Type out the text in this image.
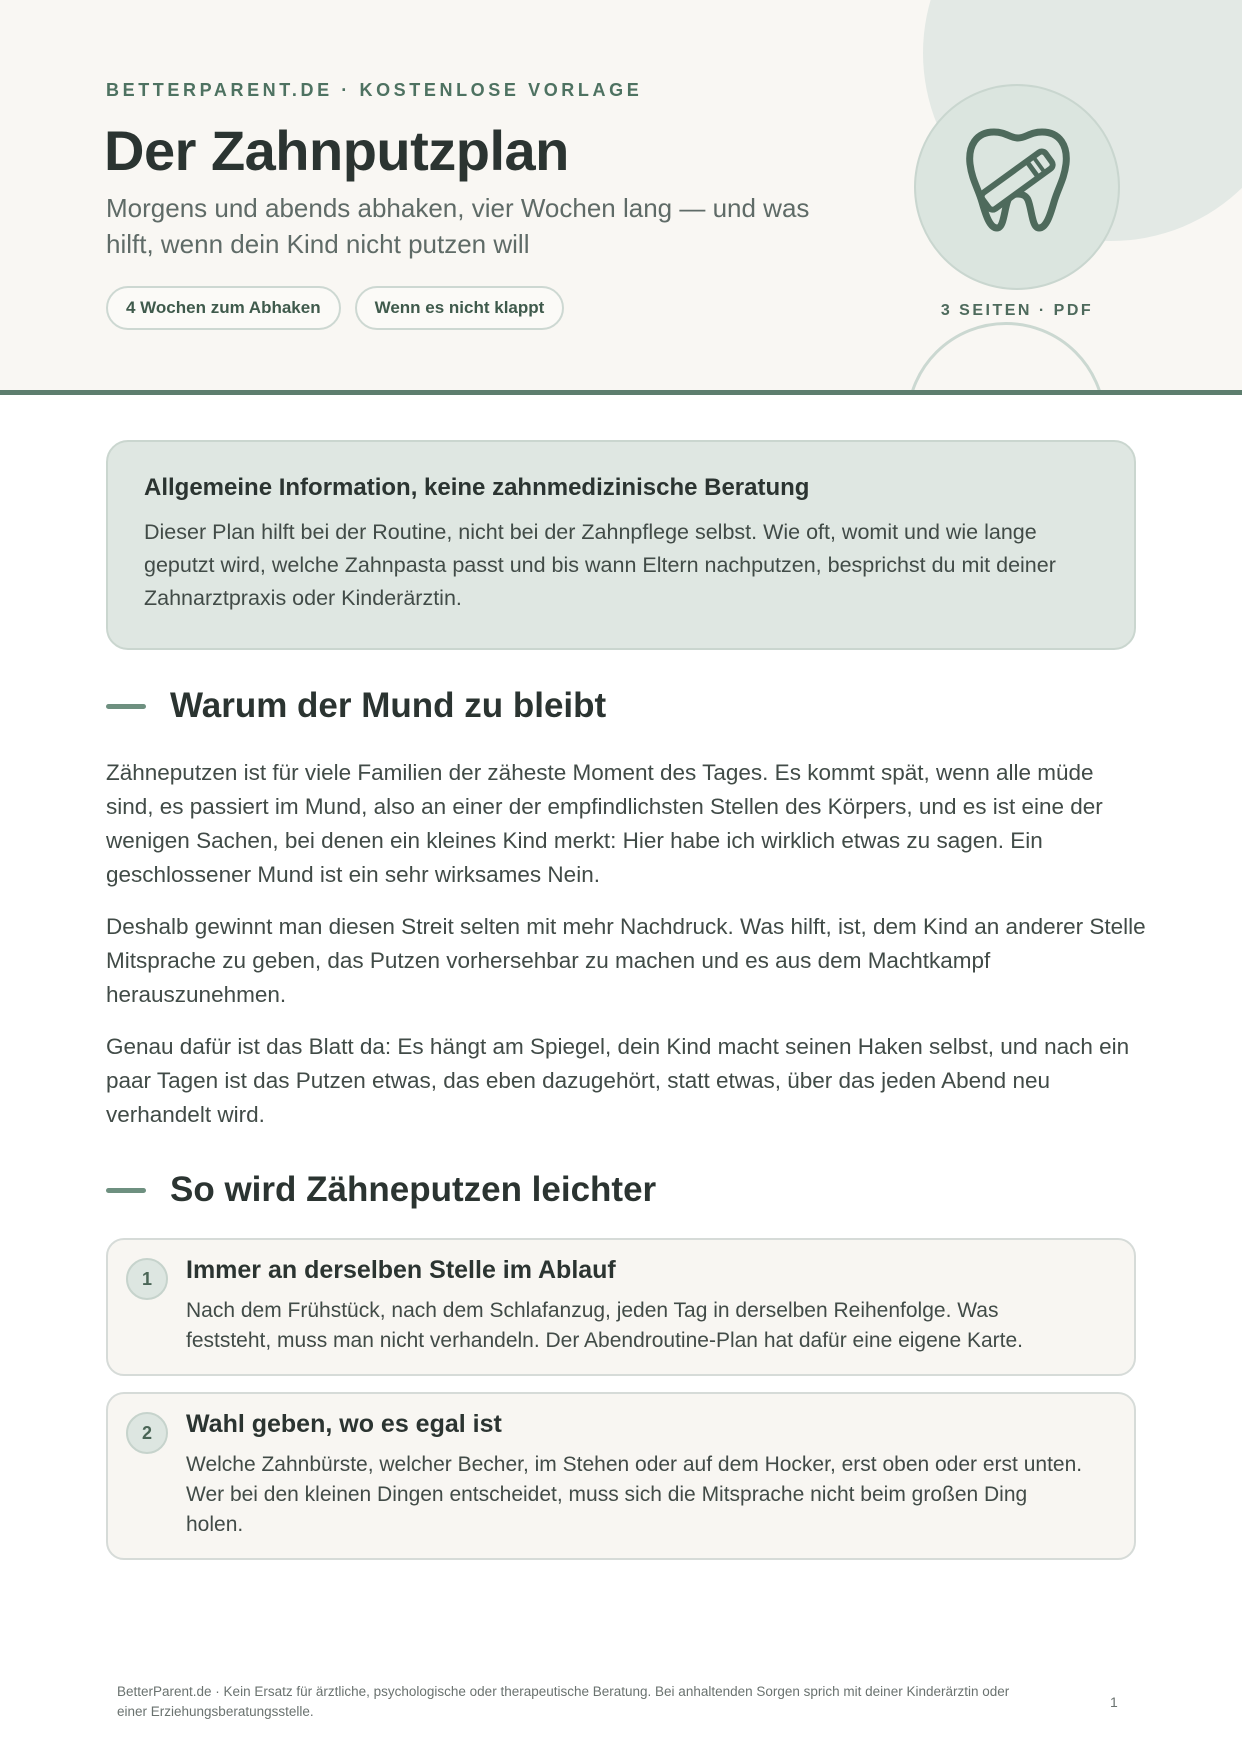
BETTERPARENT.DE · KOSTENLOSE VORLAGE
Der Zahnputzplan
Morgens und abends abhaken, vier Wochen lang — und was hilft, wenn dein Kind nicht putzen will
4 Wochen zum Abhaken	Wenn es nicht klappt	3 SEITEN · PDF
Allgemeine Information, keine zahnmedizinische Beratung
Dieser Plan hilft bei der Routine, nicht bei der Zahnpflege selbst. Wie oft, womit und wie lange geputzt wird, welche Zahnpasta passt und bis wann Eltern nachputzen, besprichst du mit deiner Zahnarztpraxis oder Kinderärztin.
Warum der Mund zu bleibt

Zähneputzen ist für viele Familien der zäheste Moment des Tages. Es kommt spät, wenn alle müde sind, es passiert im Mund, also an einer der empfindlichsten Stellen des Körpers, und es ist eine der wenigen Sachen, bei denen ein kleines Kind merkt: Hier habe ich wirklich etwas zu sagen. Ein geschlossener Mund ist ein sehr wirksames Nein.

Deshalb gewinnt man diesen Streit selten mit mehr Nachdruck. Was hilft, ist, dem Kind an anderer Stelle Mitsprache zu geben, das Putzen vorhersehbar zu machen und es aus dem Machtkampf herauszunehmen.

Genau dafür ist das Blatt da: Es hängt am Spiegel, dein Kind macht seinen Haken selbst, und nach ein paar Tagen ist das Putzen etwas, das eben dazugehört, statt etwas, über das jeden Abend neu verhandelt wird.

So wird Zähneputzen leichter
1	Immer an derselben Stelle im Ablauf
Nach dem Frühstück, nach dem Schlafanzug, jeden Tag in derselben Reihenfolge. Was feststeht, muss man nicht verhandeln. Der Abendroutine-Plan hat dafür eine eigene Karte.
2	Wahl geben, wo es egal ist
Welche Zahnbürste, welcher Becher, im Stehen oder auf dem Hocker, erst oben oder erst unten. Wer bei den kleinen Dingen entscheidet, muss sich die Mitsprache nicht beim großen Ding holen.
BetterParent.de · Kein Ersatz für ärztliche, psychologische oder therapeutische Beratung. Bei anhaltenden Sorgen sprich mit deiner Kinderärztin oder einer Erziehungsberatungsstelle.
1
